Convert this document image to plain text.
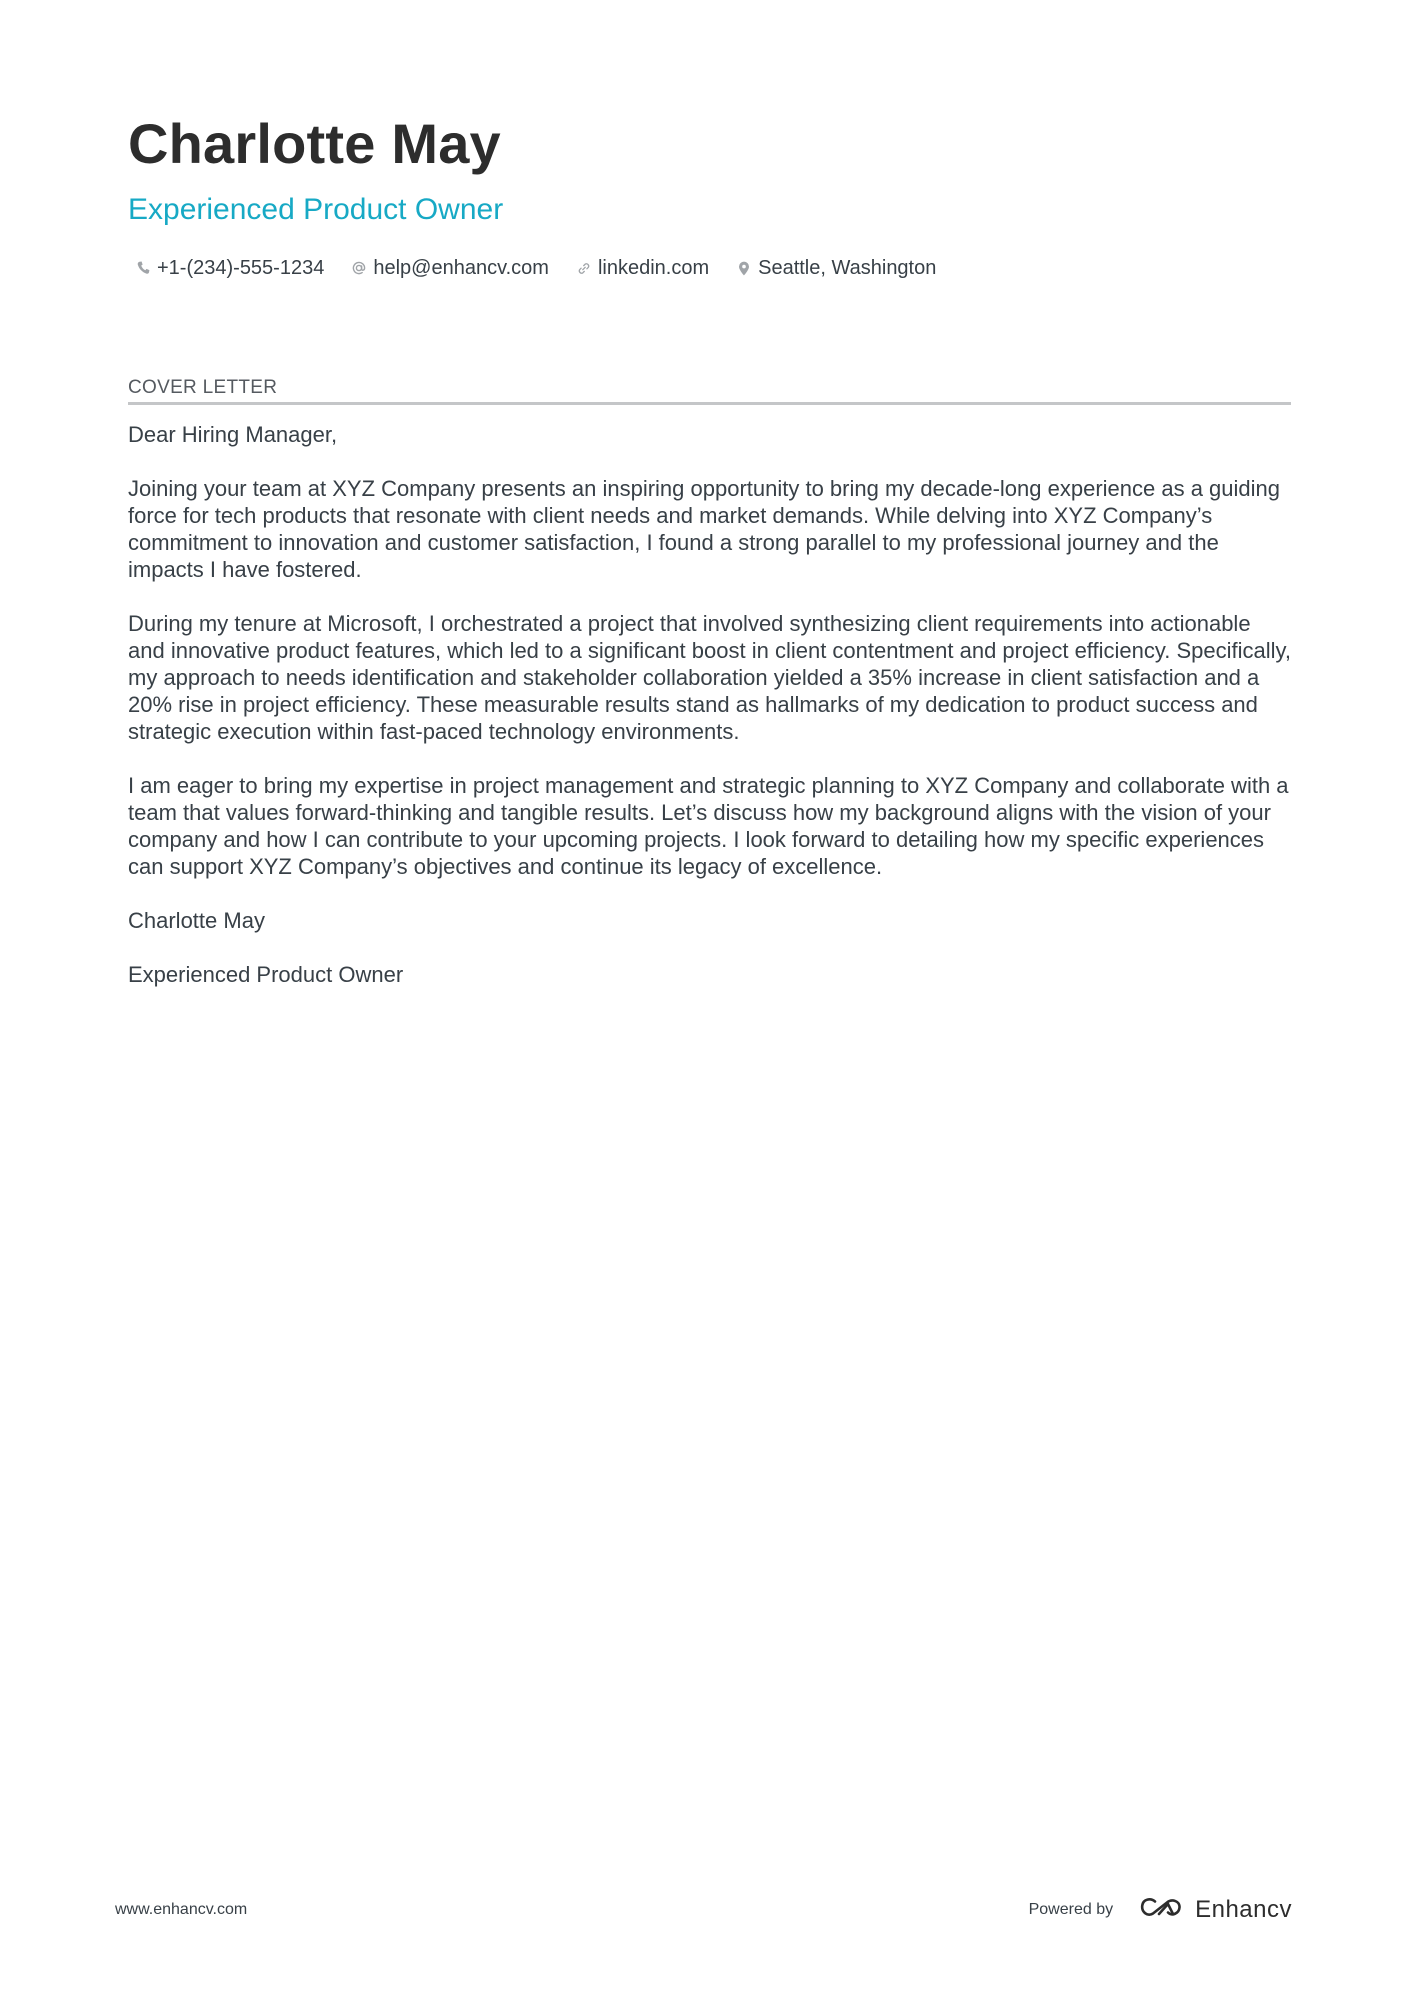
Charlotte May
Experienced Product Owner
+1-(234)-555-1234 help@enhancv.com linkedin.com Seattle, Washington
COVER LETTER

Dear Hiring Manager,

Joining your team at XYZ Company presents an inspiring opportunity to bring my decade-long experience as a guiding force for tech products that resonate with client needs and market demands. While delving into XYZ Company’s commitment to innovation and customer satisfaction, I found a strong parallel to my professional journey and the impacts I have fostered.

During my tenure at Microsoft, I orchestrated a project that involved synthesizing client requirements into actionable and innovative product features, which led to a significant boost in client contentment and project efficiency. Specifically, my approach to needs identification and stakeholder collaboration yielded a 35% increase in client satisfaction and a 20% rise in project efficiency. These measurable results stand as hallmarks of my dedication to product success and strategic execution within fast-paced technology environments.

I am eager to bring my expertise in project management and strategic planning to XYZ Company and collaborate with a team that values forward-thinking and tangible results. Let’s discuss how my background aligns with the vision of your company and how I can contribute to your upcoming projects. I look forward to detailing how my specific experiences can support XYZ Company’s objectives and continue its legacy of excellence.

Charlotte May

Experienced Product Owner

www.enhancv.com	Powered by	Enhancv
